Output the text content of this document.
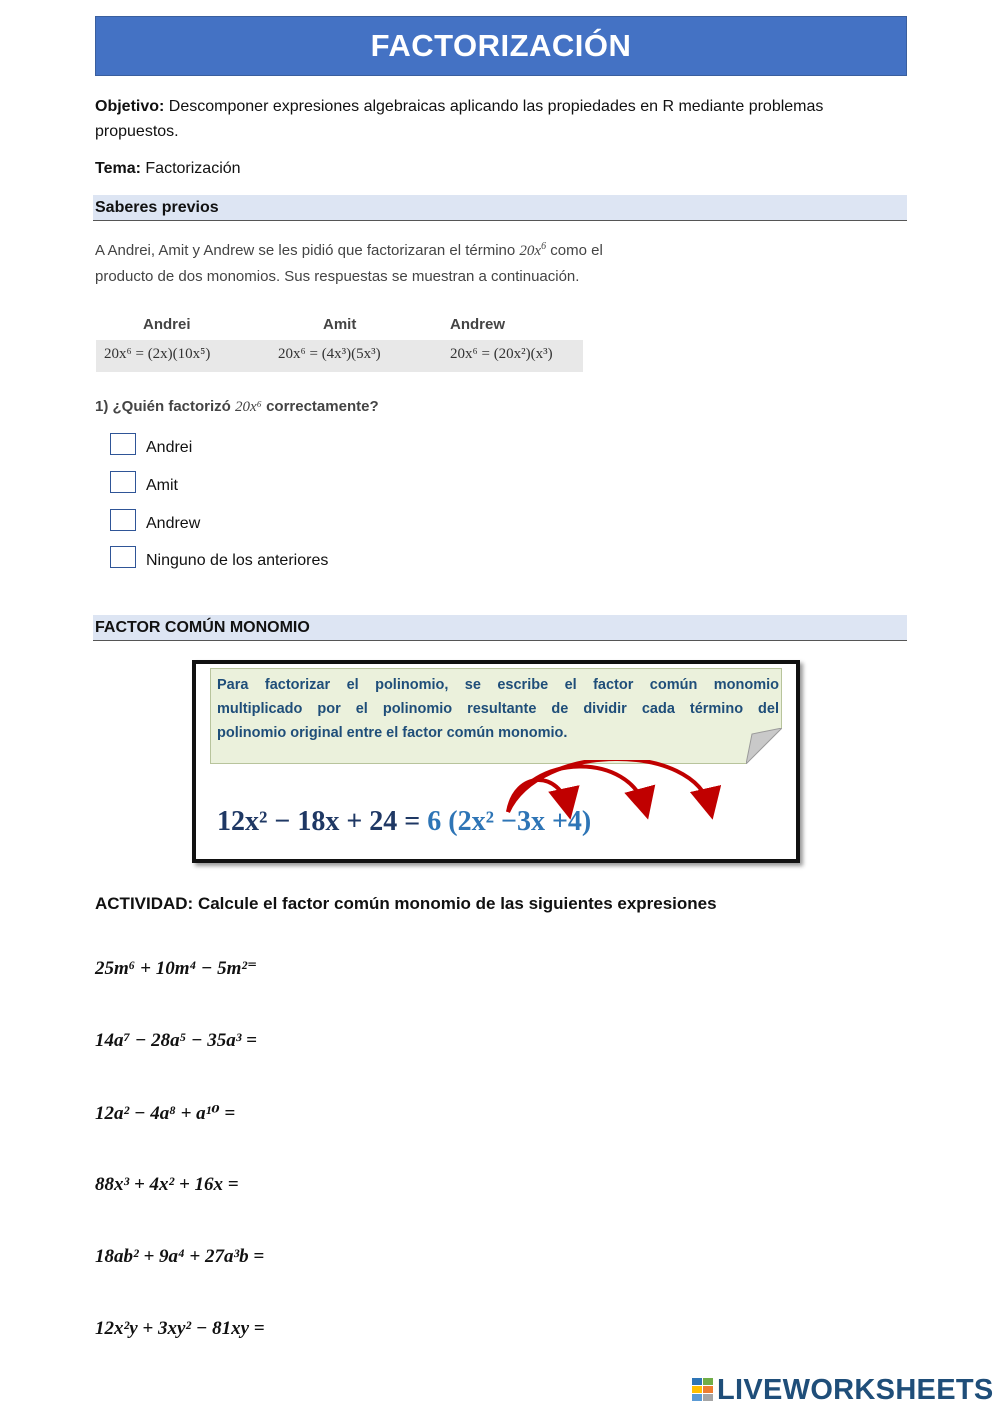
FACTORIZACIÓN
Objetivo: Descomponer expresiones algebraicas aplicando las propiedades en R mediante problemas
propuestos.
Tema: Factorización
Saberes previos
A Andrei, Amit y Andrew se les pidió que factorizaran el término $20x^6$ como el
producto de dos monomios. Sus respuestas se muestran a continuación.
Andrei	Amit	Andrew
20x⁶ = (2x)(10x⁵)	20x⁶ = (4x³)(5x³)	20x⁶ = (20x²)(x³)
1) ¿Quién factorizó 20x⁶ correctamente?
Andrei
Amit
Andrew
Ninguno de los anteriores
FACTOR COMÚN MONOMIO
Para factorizar el polinomio, se escribe el factor común monomio
multiplicado por el polinomio resultante de dividir cada término del
polinomio original entre el factor común monomio.
12x² − 18x + 24 = 6 (2x² −3x +4)
ACTIVIDAD: Calcule el factor común monomio de las siguientes expresiones
25m⁶ + 10m⁴ − 5m²⁼
14a⁷ − 28a⁵ − 35a³ =
12a² − 4a⁸ + a¹⁰ =
88x³ + 4x² + 16x =
18ab² + 9a⁴ + 27a³b =
12x²y + 3xy² − 81xy =
LIVEWORKSHEETS
